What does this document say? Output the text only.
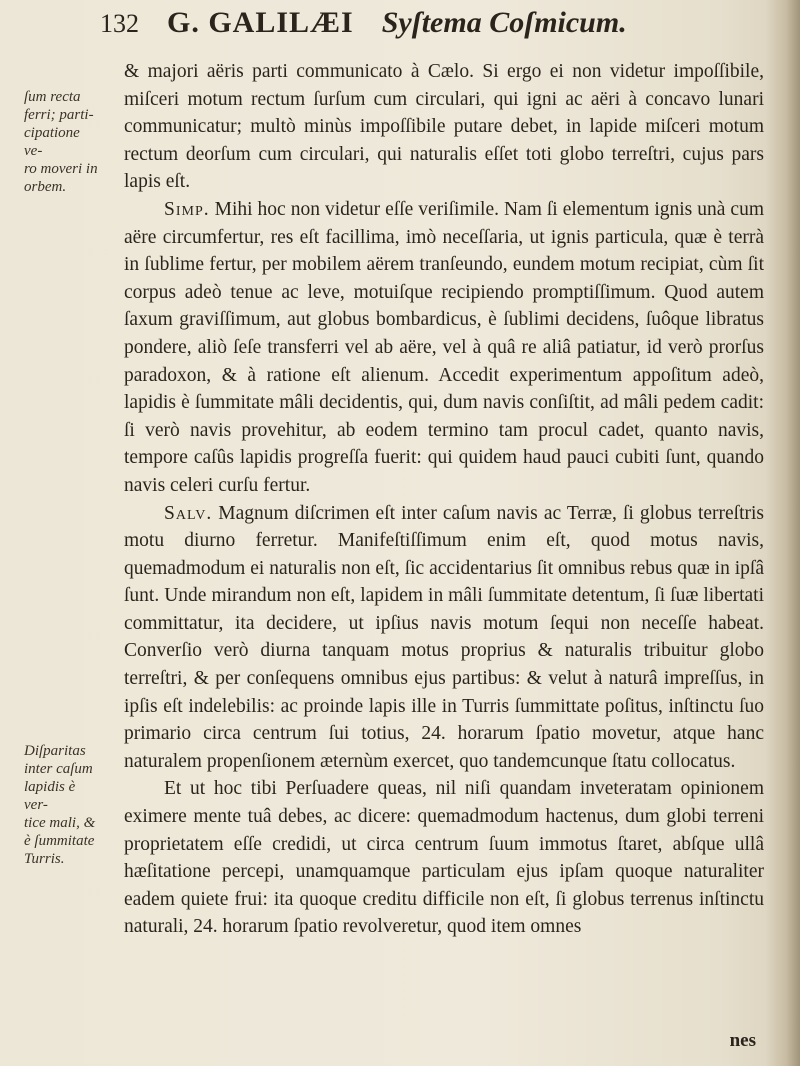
132 G. GALILÆI Syſtema Coſmicum.
ſum recta
ferri; parti-
cipatione ve-
ro moveri in
orbem.
Diſparitas
inter caſum
lapidis è ver-
tice mali, &
è ſummitate
Turris.

& majori aëris parti communicato à Cælo. Si ergo ei non videtur impoſſibile, miſceri motum rectum ſurſum cum circulari, qui igni ac aëri à concavo lunari communicatur; multò minùs impoſſibile putare debet, in lapide miſceri motum rectum deorſum cum circulari, qui naturalis eſſet toti globo terreſtri, cujus pars lapis eſt.

Simp. Mihi hoc non videtur eſſe veriſimile. Nam ſi elementum ignis unà cum aëre circumfertur, res eſt facillima, imò neceſſaria, ut ignis particula, quæ è terrà in ſublime fertur, per mobilem aërem tranſeundo, eundem motum recipiat, cùm ſit corpus adeò tenue ac leve, motuiſque recipiendo promptiſſimum. Quod autem ſaxum graviſſimum, aut globus bombardicus, è ſublimi decidens, ſuôque libratus pondere, aliò ſeſe transferri vel ab aëre, vel à quâ re aliâ patiatur, id verò prorſus paradoxon, & à ratione eſt alienum. Accedit experimentum appoſitum adeò, lapidis è ſummitate mâli decidentis, qui, dum navis conſiſtit, ad mâli pedem cadit: ſi verò navis provehitur, ab eodem termino tam procul cadet, quanto navis, tempore caſûs lapidis progreſſa fuerit: qui quidem haud pauci cubiti ſunt, quando navis celeri curſu fertur.

Salv. Magnum diſcrimen eſt inter caſum navis ac Terræ, ſi globus terreſtris motu diurno ferretur. Manifeſtiſſimum enim eſt, quod motus navis, quemadmodum ei naturalis non eſt, ſic accidentarius ſit omnibus rebus quæ in ipſâ ſunt. Unde mirandum non eſt, lapidem in mâli ſummitate detentum, ſi ſuæ libertati committatur, ita decidere, ut ipſius navis motum ſequi non neceſſe habeat. Converſio verò diurna tanquam motus proprius & naturalis tribuitur globo terreſtri, & per conſequens omnibus ejus partibus: & velut à naturâ impreſſus, in ipſis eſt indelebilis: ac proinde lapis ille in Turris ſummittate poſitus, inſtinctu ſuo primario circa centrum ſui totius, 24. horarum ſpatio movetur, atque hanc naturalem propenſionem æternùm exercet, quo tandemcunque ſtatu collocatus.

Et ut hoc tibi Perſuadere queas, nil niſi quandam inveteratam opinionem eximere mente tuâ debes, ac dicere: quemadmodum hactenus, dum globi terreni proprietatem eſſe credidi, ut circa centrum ſuum immotus ſtaret, abſque ullâ hæſitatione percepi, unamquamque particulam ejus ipſam quoque naturaliter eadem quiete frui: ita quoque creditu difficile non eſt, ſi globus terrenus inſtinctu naturali, 24. horarum ſpatio revolveretur, quod item omnes

nes
